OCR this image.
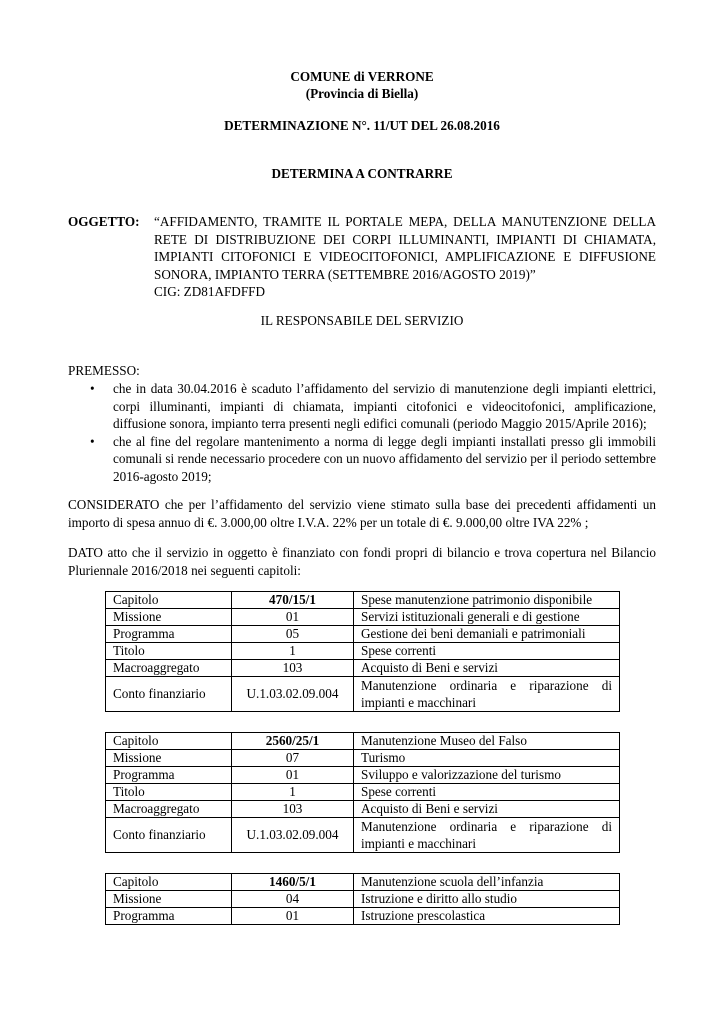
COMUNE di VERRONE
(Provincia di Biella)
DETERMINAZIONE N°. 11/UT DEL 26.08.2016
DETERMINA A CONTRARRE
OGGETTO: “AFFIDAMENTO, TRAMITE IL PORTALE MEPA, DELLA MANUTENZIONE DELLA
RETE DI DISTRIBUZIONE DEI CORPI ILLUMINANTI, IMPIANTI DI CHIAMATA,
IMPIANTI CITOFONICI E VIDEOCITOFONICI, AMPLIFICAZIONE E DIFFUSIONE
SONORA, IMPIANTO TERRA (SETTEMBRE 2016/AGOSTO 2019)”
CIG: ZD81AFDFFD
IL RESPONSABILE DEL SERVIZIO
PREMESSO:
• che in data 30.04.2016 è scaduto l’affidamento del servizio di manutenzione degli impianti elettrici, corpi illuminanti, impianti di chiamata, impianti citofonici e videocitofonici, amplificazione, diffusione sonora, impianto terra presenti negli edifici comunali (periodo Maggio 2015/Aprile 2016);
• che al fine del regolare mantenimento a norma di legge degli impianti installati presso gli immobili comunali si rende necessario procedere con un nuovo affidamento del servizio per il periodo settembre 2016-agosto 2019;
CONSIDERATO che per l’affidamento del servizio viene stimato sulla base dei precedenti affidamenti un importo di spesa annuo di €. 3.000,00 oltre I.V.A. 22% per un totale di €. 9.000,00 oltre IVA 22% ;
DATO atto che il servizio in oggetto è finanziato con fondi propri di bilancio e trova copertura nel Bilancio Pluriennale 2016/2018 nei seguenti capitoli:
Capitolo	470/15/1	Spese manutenzione patrimonio disponibile
Missione	01	Servizi istituzionali generali e di gestione
Programma	05	Gestione dei beni demaniali e patrimoniali
Titolo	1	Spese correnti
Macroaggregato	103	Acquisto di Beni e servizi
Conto finanziario	U.1.03.02.09.004	Manutenzione ordinaria e riparazione di
impianti e macchinari
Capitolo	2560/25/1	Manutenzione Museo del Falso
Missione	07	Turismo
Programma	01	Sviluppo e valorizzazione del turismo
Titolo	1	Spese correnti
Macroaggregato	103	Acquisto di Beni e servizi
Conto finanziario	U.1.03.02.09.004	Manutenzione ordinaria e riparazione di
impianti e macchinari
Capitolo	1460/5/1	Manutenzione scuola dell’infanzia
Missione	04	Istruzione e diritto allo studio
Programma	01	Istruzione prescolastica
